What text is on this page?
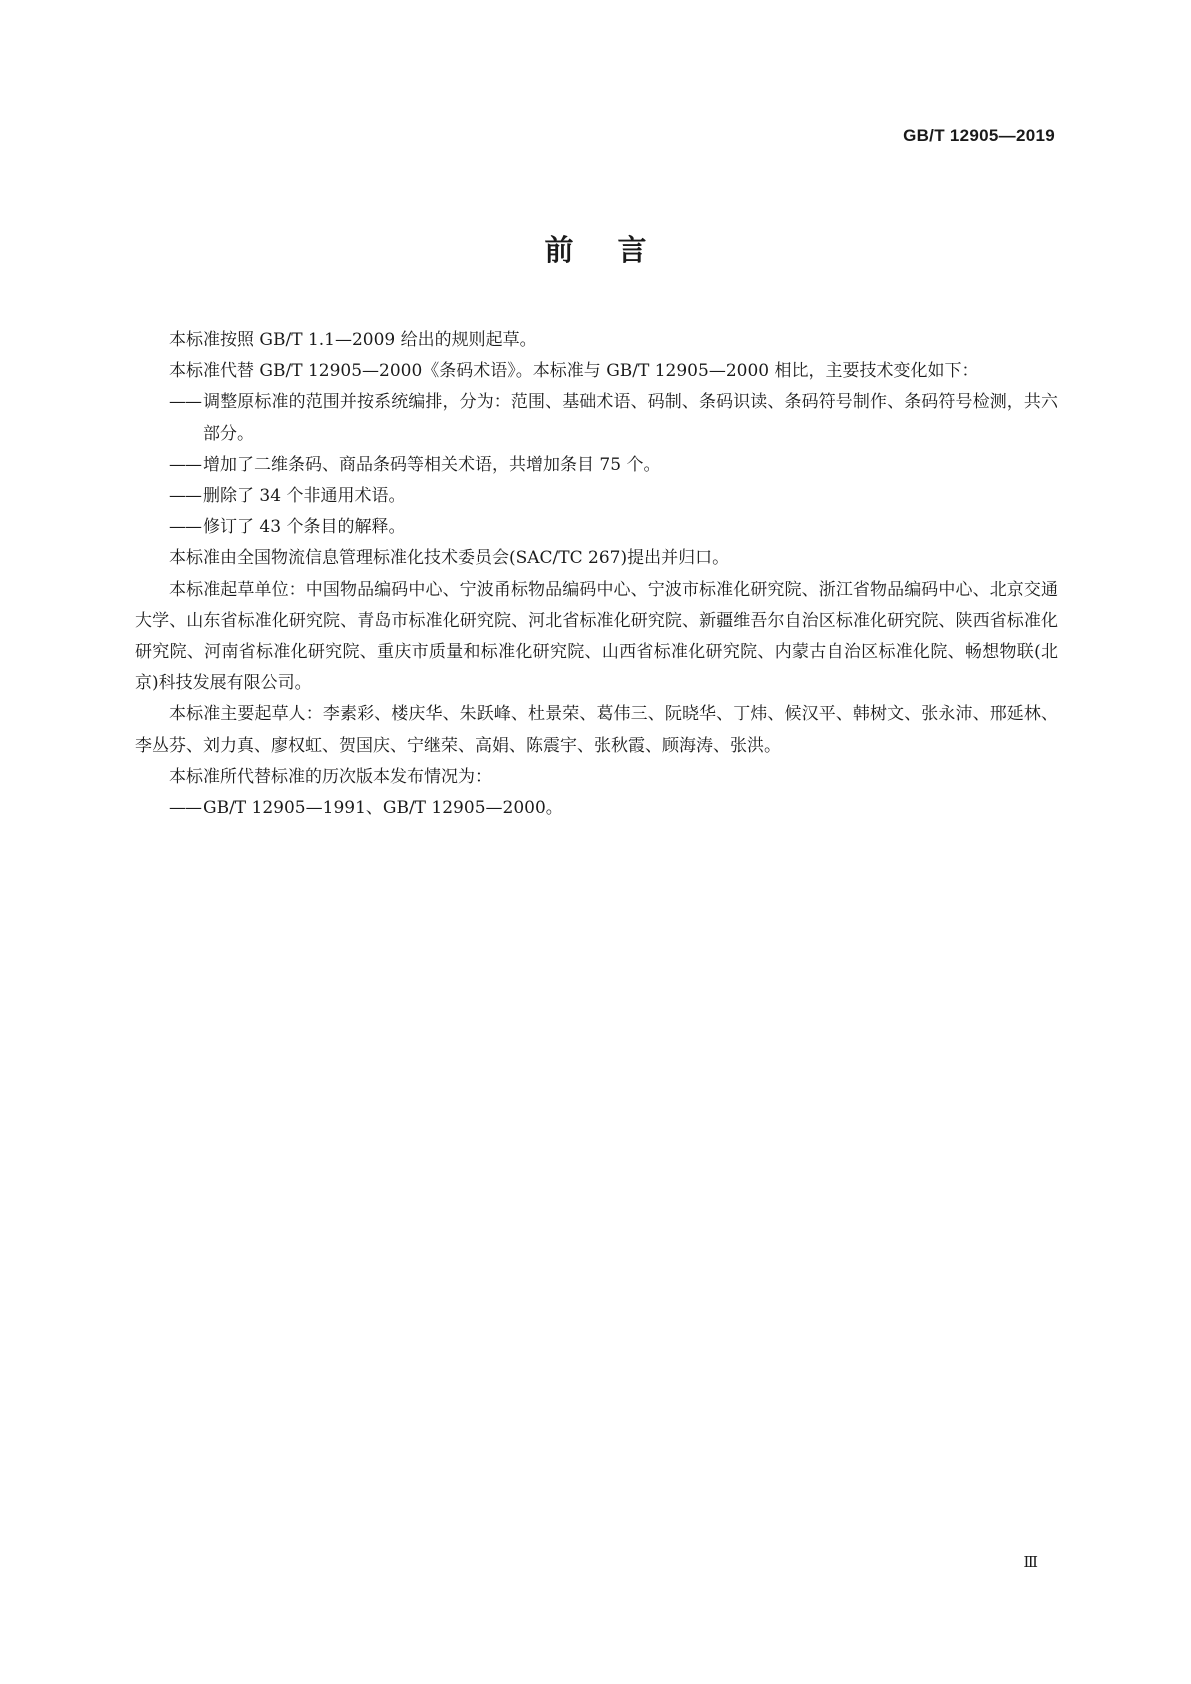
GB/T 12905—2019
前言

本标准按照 GB/T 1.1—2009 给出的规则起草。

本标准代替 GB/T 12905—2000《条码术语》。本标准与 GB/T 12905—2000 相比，主要技术变化如下：

—— 调整原标准的范围并按系统编排，分为：范围、基础术语、码制、条码识读、条码符号制作、条码符号检测，共六部分。

—— 增加了二维条码、商品条码等相关术语，共增加条目 75 个。

—— 删除了 34 个非通用术语。

—— 修订了 43 个条目的解释。

本标准由全国物流信息管理标准化技术委员会(SAC/TC 267)提出并归口。

本标准起草单位：中国物品编码中心、宁波甬标物品编码中心、宁波市标准化研究院、浙江省物品编码中心、北京交通大学、山东省标准化研究院、青岛市标准化研究院、河北省标准化研究院、新疆维吾尔自治区标准化研究院、陕西省标准化研究院、河南省标准化研究院、重庆市质量和标准化研究院、山西省标准化研究院、内蒙古自治区标准化院、畅想物联(北京)科技发展有限公司。

本标准主要起草人：李素彩、楼庆华、朱跃峰、杜景荣、葛伟三、阮晓华、丁炜、候汉平、韩树文、张永沛、邢延林、李丛芬、刘力真、廖权虹、贺国庆、宁继荣、高娟、陈震宇、张秋霞、顾海涛、张洪。

本标准所代替标准的历次版本发布情况为：

—— GB/T 12905—1991、GB/T 12905—2000。

Ⅲ
